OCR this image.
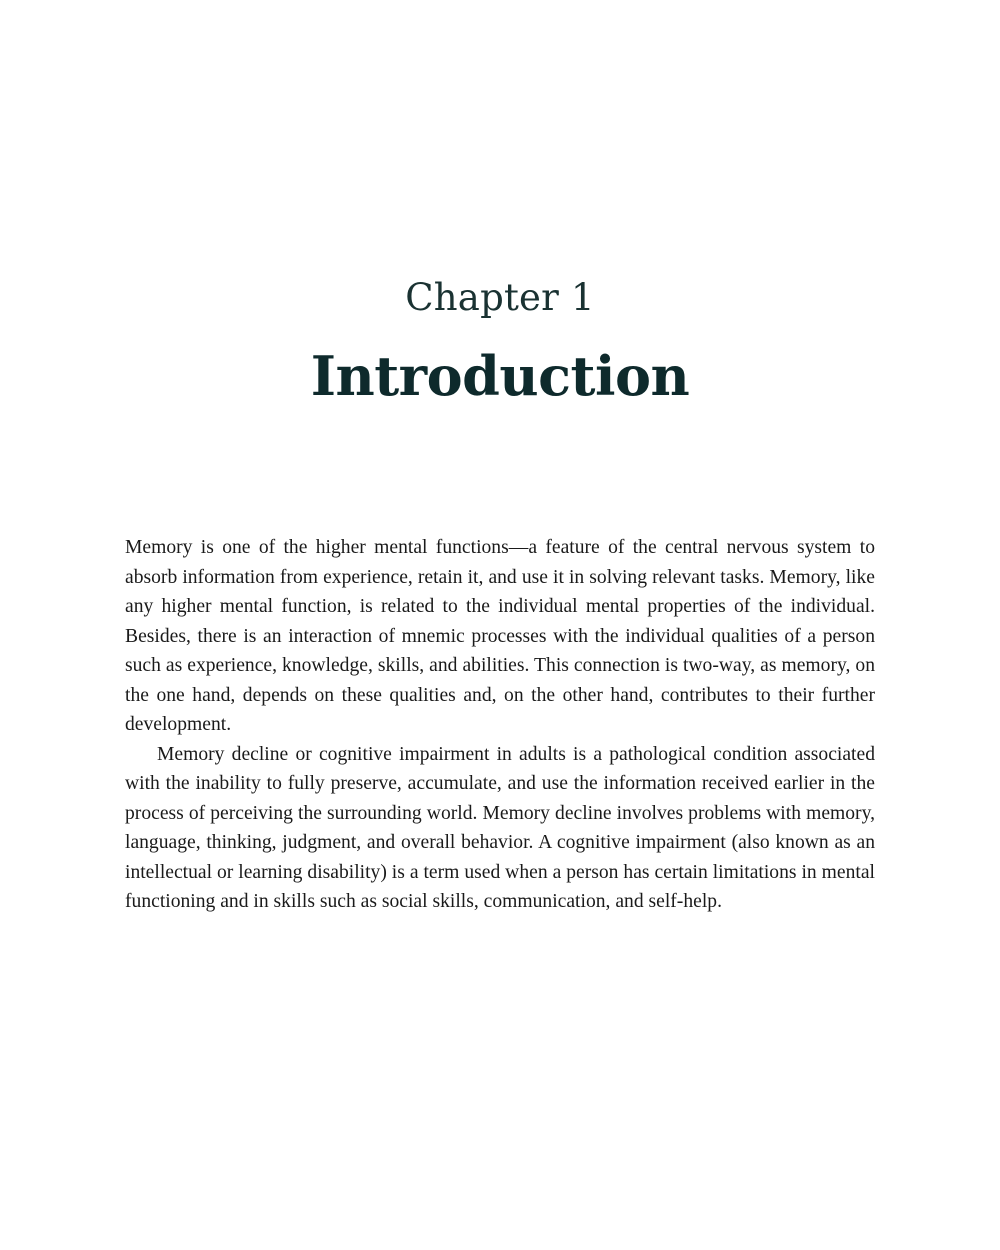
Chapter 1
Introduction

Memory is one of the higher mental functions—a feature of the central nervous system to absorb information from experience, retain it, and use it in solving relevant tasks. Memory, like any higher mental function, is related to the individual mental properties of the individual. Besides, there is an interaction of mnemic processes with the individual qualities of a person such as experience, knowledge, skills, and abilities. This connection is two-way, as memory, on the one hand, depends on these qualities and, on the other hand, contributes to their further development.

Memory decline or cognitive impairment in adults is a pathological condition associated with the inability to fully preserve, accumulate, and use the information received earlier in the process of perceiving the surrounding world. Memory decline involves problems with memory, language, thinking, judgment, and overall behavior. A cognitive impairment (also known as an intellectual or learning disability) is a term used when a person has certain limitations in mental functioning and in skills such as social skills, communication, and self-help.
